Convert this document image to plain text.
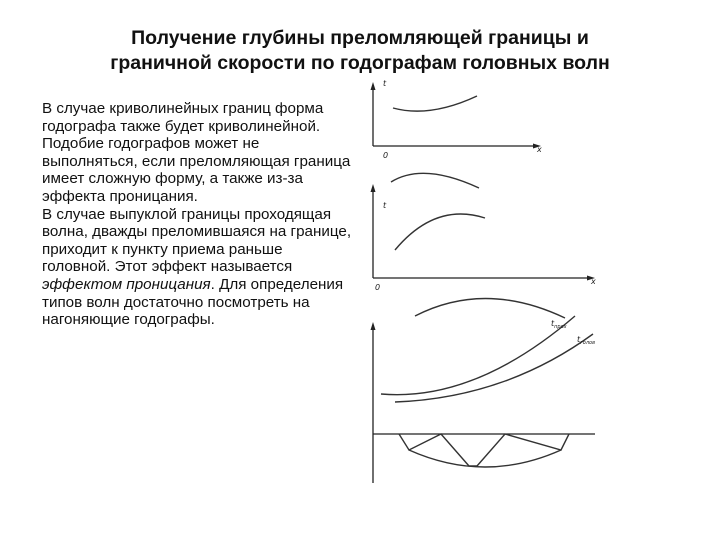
Получение глубины преломляющей границы и
граничной скорости по годографам головных волн

В случае криволинейных границ форма годографа также будет криволинейной.

Подобие годографов может не выполняться, если преломляющая граница имеет сложную форму, а также из-за эффекта проницания.

В случае выпуклой границы проходящая волна, дважды преломившаяся на границе, приходит к пункту приема раньше головной. Этот эффект называется эффектом проницания. Для определения типов волн достаточно посмотреть на нагоняющие годографы.

t
0
x
t
0
x
$t_{прох}$
$t_{голов}$
